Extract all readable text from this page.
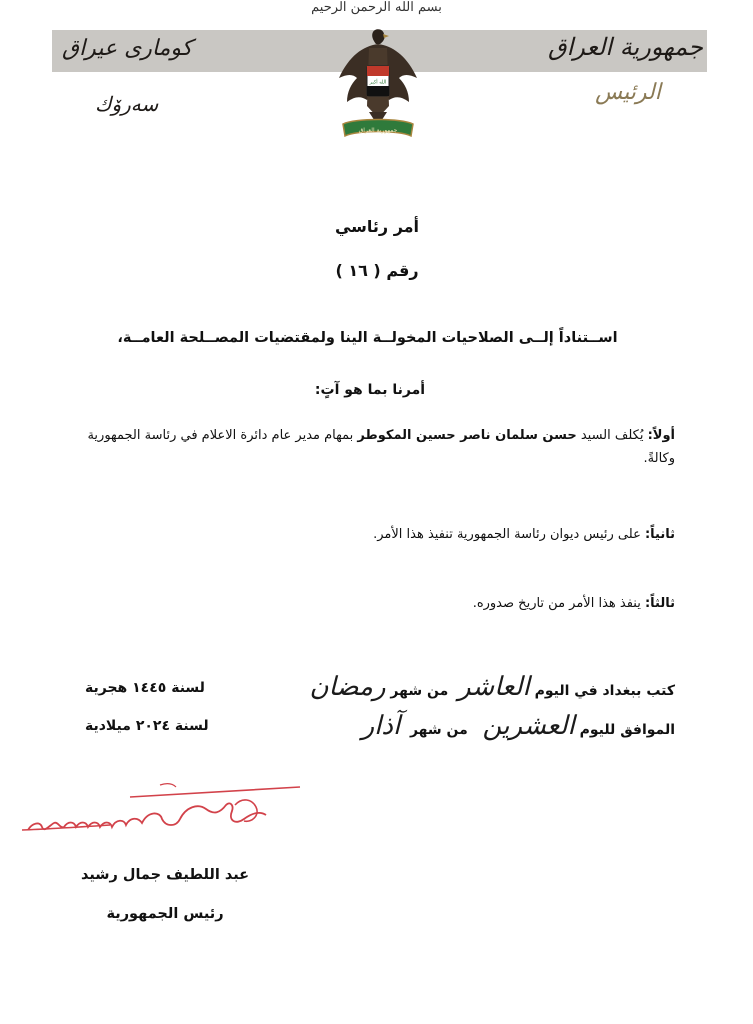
بسم الله الرحمن الرحيم
جمهورية العراق
كوماری عیراق
الرئيس
سەرۆك
الله أكبر
جمهورية العراق
أمر رئاسي
رقم ( ١٦ )
اســتناداً إلــى الصلاحيات المخولــة الينا ولمقتضيات المصــلحة العامــة،
أمرنا بما هو آتٍ:
أولاً: يُكلف السيد حسن سلمان ناصر حسين المكوطر بمهام مدير عام دائرة الاعلام في رئاسة الجمهورية وكالةً.
ثانياً: على رئيس ديوان رئاسة الجمهورية تنفيذ هذا الأمر.
ثالثاً: ينفذ هذا الأمر من تاريخ صدوره.
كتب ببغداد في اليوم العاشر  من شهر رمضان
لسنة ١٤٤٥ هجرية
الموافق لليوم العشرين   من شهر  آذار
لسنة ٢٠٢٤ ميلادية
عبد اللطيف جمال رشيد
رئيس الجمهورية
